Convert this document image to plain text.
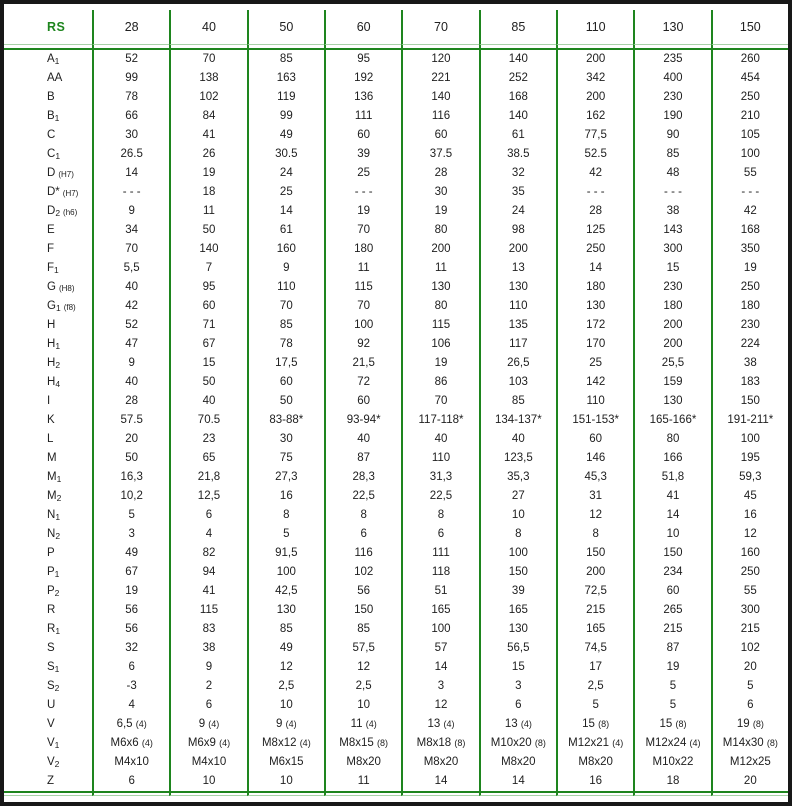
RS	28	40	50	60	70	85	110	130	150
$A_1$	52	70	85	95	120	140	200	235	260
AA	99	138	163	192	221	252	342	400	454
B	78	102	119	136	140	168	200	230	250
$B_1$	66	84	99	111	116	140	162	190	210
C	30	41	49	60	60	61	77,5	90	105
$C_1$	26.5	26	30.5	39	37.5	38.5	52.5	85	100
D (H7)	14	19	24	25	28	32	42	48	55
D* (H7)	- - -	18	25	- - -	30	35	- - -	- - -	- - -
$D_2$ (h6)	9	11	14	19	19	24	28	38	42
E	34	50	61	70	80	98	125	143	168
F	70	140	160	180	200	200	250	300	350
$F_1$	5,5	7	9	11	11	13	14	15	19
G (H8)	40	95	110	115	130	130	180	230	250
$G_1$ (f8)	42	60	70	70	80	110	130	180	180
H	52	71	85	100	115	135	172	200	230
$H_1$	47	67	78	92	106	117	170	200	224
$H_2$	9	15	17,5	21,5	19	26,5	25	25,5	38
$H_4$	40	50	60	72	86	103	142	159	183
I	28	40	50	60	70	85	110	130	150
K	57.5	70.5	83-88*	93-94*	117-118*	134-137*	151-153*	165-166*	191-211*
L	20	23	30	40	40	40	60	80	100
M	50	65	75	87	110	123,5	146	166	195
$M_1$	16,3	21,8	27,3	28,3	31,3	35,3	45,3	51,8	59,3
$M_2$	10,2	12,5	16	22,5	22,5	27	31	41	45
$N_1$	5	6	8	8	8	10	12	14	16
$N_2$	3	4	5	6	6	8	8	10	12
P	49	82	91,5	116	111	100	150	150	160
$P_1$	67	94	100	102	118	150	200	234	250
$P_2$	19	41	42,5	56	51	39	72,5	60	55
R	56	115	130	150	165	165	215	265	300
$R_1$	56	83	85	85	100	130	165	215	215
S	32	38	49	57,5	57	56,5	74,5	87	102
$S_1$	6	9	12	12	14	15	17	19	20
$S_2$	-3	2	2,5	2,5	3	3	2,5	5	5
U	4	6	10	10	12	6	5	5	6
V	6,5 (4)	9 (4)	9 (4)	11 (4)	13 (4)	13 (4)	15 (8)	15 (8)	19 (8)
$V_1$	M6x6 (4)	M6x9 (4)	M8x12 (4)	M8x15 (8)	M8x18 (8)	M10x20 (8)	M12x21 (4)	M12x24 (4)	M14x30 (8)
$V_2$	M4x10	M4x10	M6x15	M8x20	M8x20	M8x20	M8x20	M10x22	M12x25
Z	6	10	10	11	14	14	16	18	20
